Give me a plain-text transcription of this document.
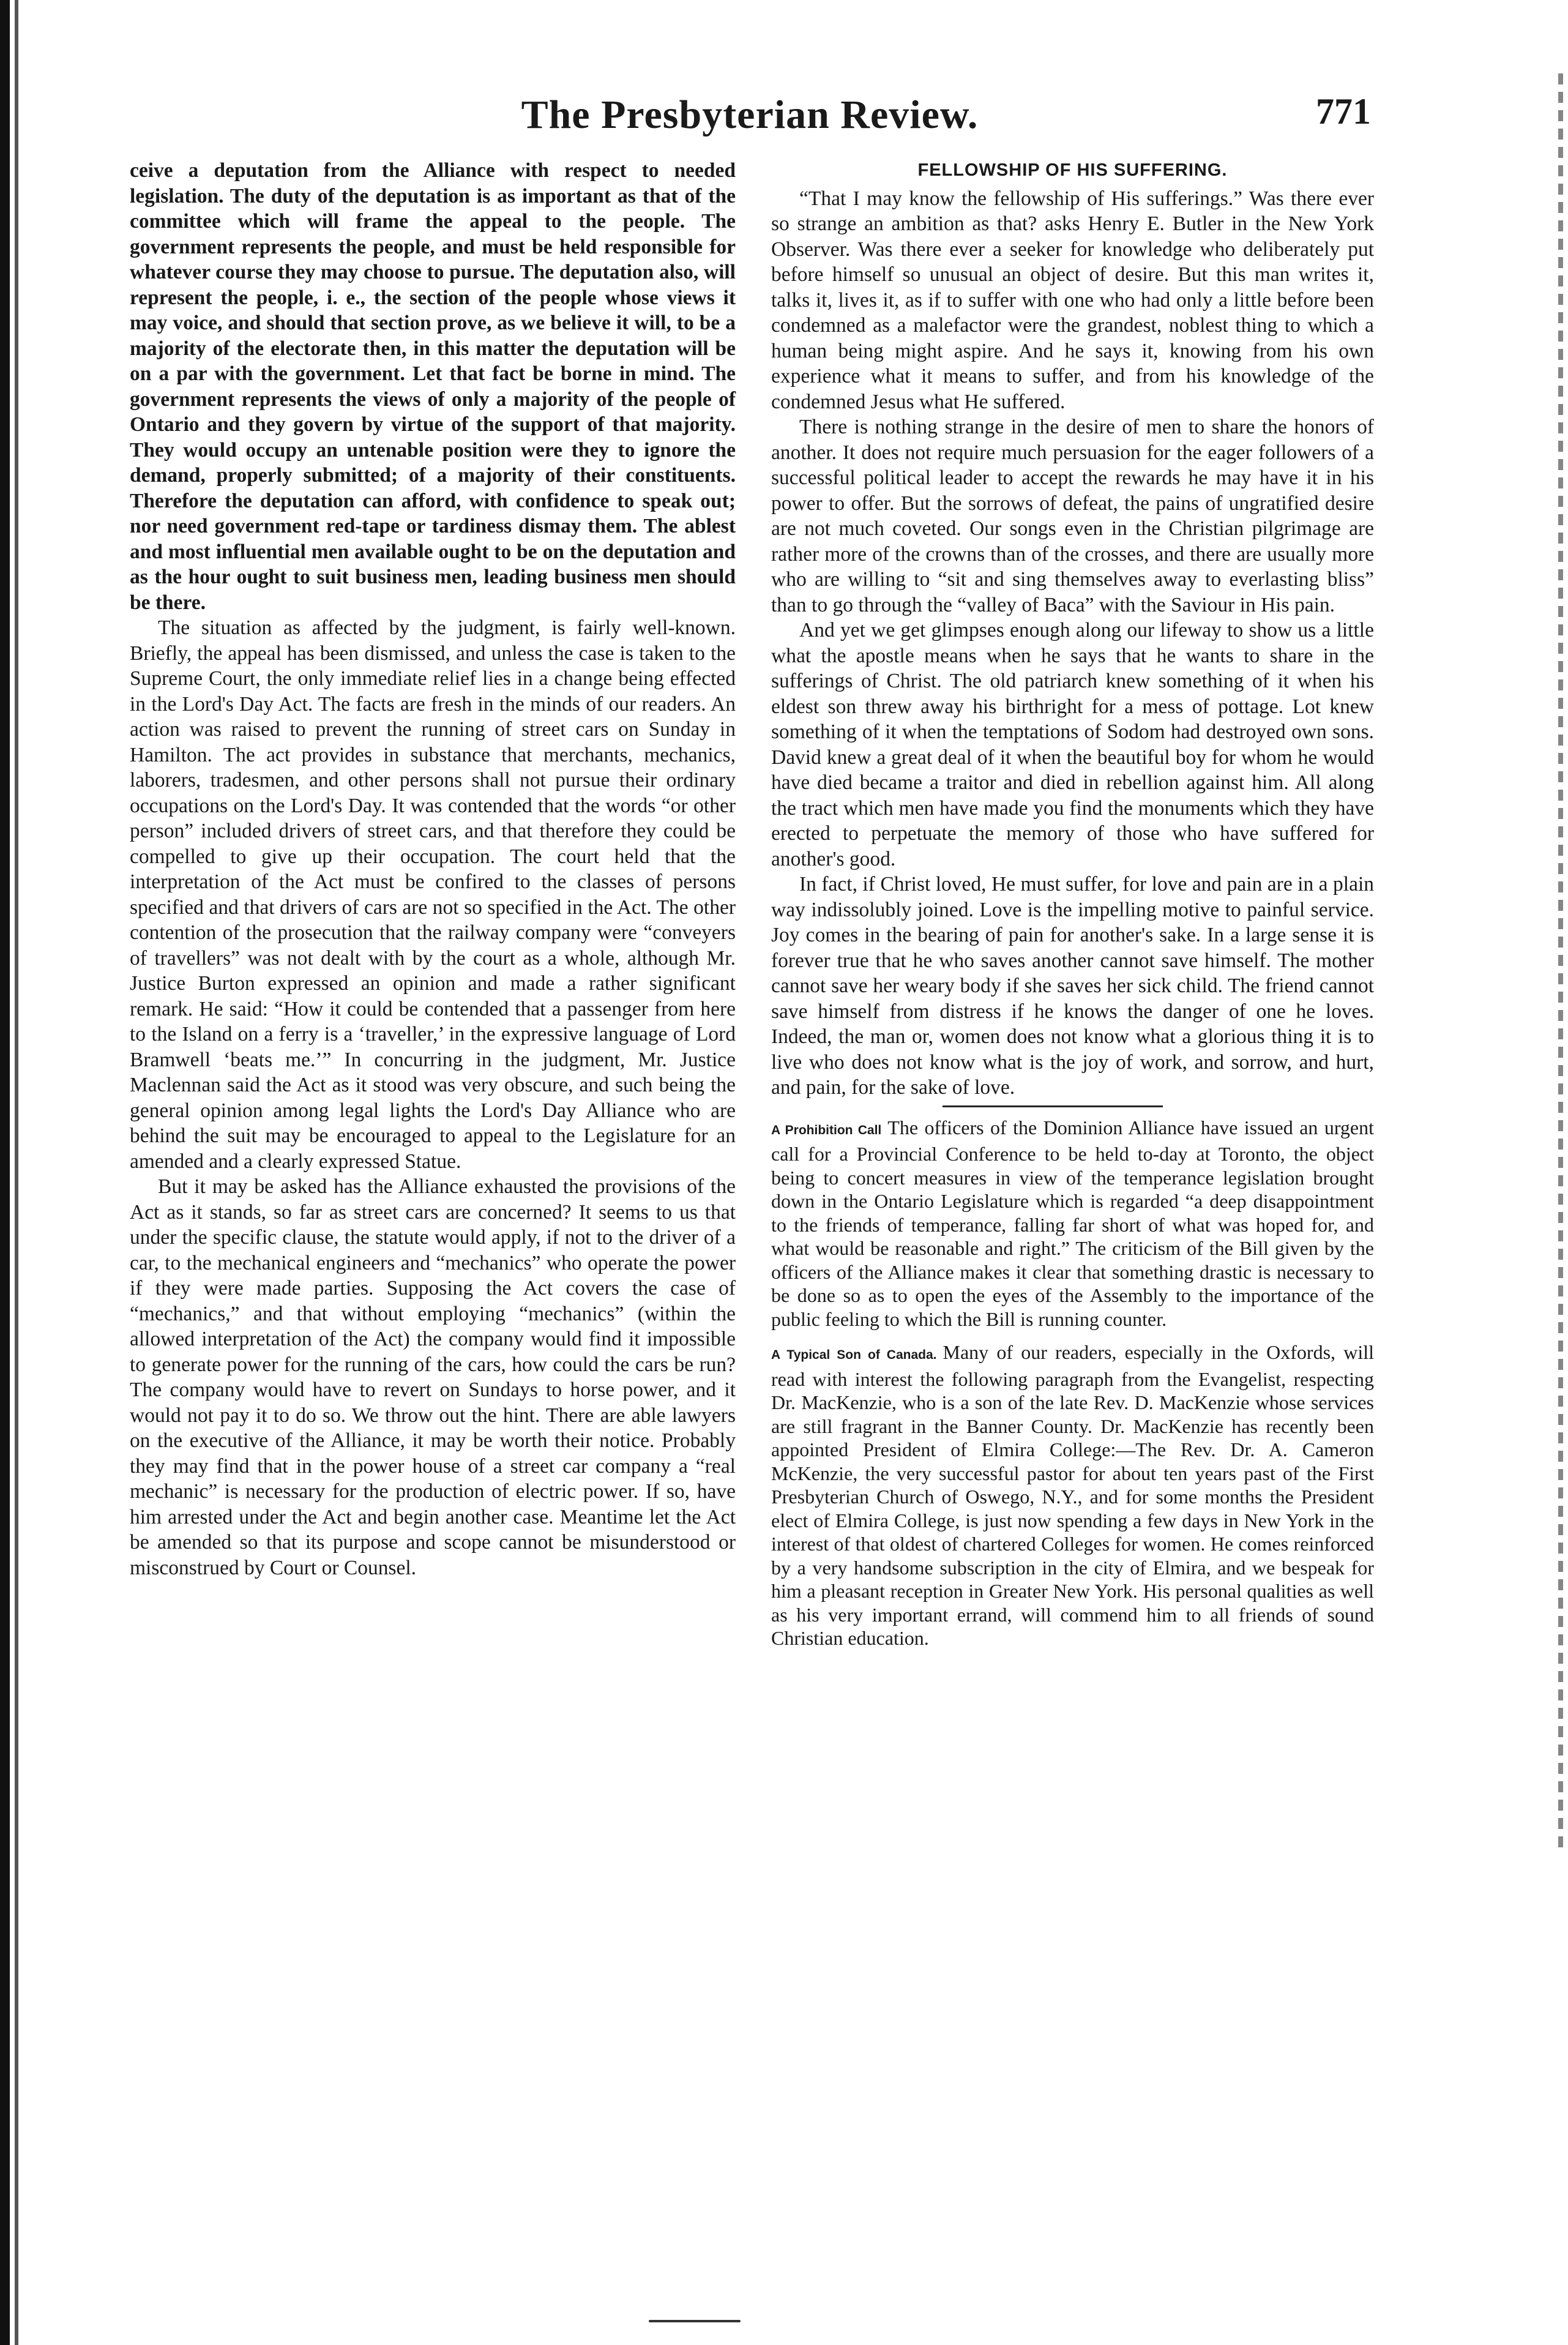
The Presbyterian Review.	771

ceive a deputation from the Alliance with respect to needed legislation. The duty of the deputation is as important as that of the committee which will frame the appeal to the people. The government represents the people, and must be held responsible for whatever course they may choose to pursue. The deputation also, will represent the people, i. e., the section of the people whose views it may voice, and should that section prove, as we believe it will, to be a majority of the electorate then, in this matter the deputation will be on a par with the government. Let that fact be borne in mind. The government represents the views of only a majority of the people of Ontario and they govern by virtue of the support of that majority. They would occupy an untenable position were they to ignore the demand, properly submitted; of a majority of their constituents. Therefore the deputation can afford, with confidence to speak out; nor need government red-tape or tardiness dismay them. The ablest and most influential men available ought to be on the deputation and as the hour ought to suit business men, leading business men should be there.

The situation as affected by the judgment, is fairly well-known. Briefly, the appeal has been dismissed, and unless the case is taken to the Supreme Court, the only immediate relief lies in a change being effected in the Lord's Day Act. The facts are fresh in the minds of our readers. An action was raised to prevent the running of street cars on Sunday in Hamilton. The act provides in substance that merchants, mechanics, laborers, tradesmen, and other persons shall not pursue their ordinary occupations on the Lord's Day. It was contended that the words “or other person” included drivers of street cars, and that therefore they could be compelled to give up their occupation. The court held that the interpretation of the Act must be confired to the classes of persons specified and that drivers of cars are not so specified in the Act. The other contention of the prosecution that the railway company were “conveyers of travellers” was not dealt with by the court as a whole, although Mr. Justice Burton expressed an opinion and made a rather significant remark. He said: “How it could be contended that a passenger from here to the Island on a ferry is a ‘traveller,’ in the expressive language of Lord Bramwell ‘beats me.’” In concurring in the judgment, Mr. Justice Maclennan said the Act as it stood was very obscure, and such being the general opinion among legal lights the Lord's Day Alliance who are behind the suit may be encouraged to appeal to the Legislature for an amended and a clearly expressed Statue.

But it may be asked has the Alliance exhausted the provisions of the Act as it stands, so far as street cars are concerned? It seems to us that under the specific clause, the statute would apply, if not to the driver of a car, to the mechanical engineers and “mechanics” who operate the power if they were made parties. Supposing the Act covers the case of “mechanics,” and that without employing “mechanics” (within the allowed interpretation of the Act) the company would find it impossible to generate power for the running of the cars, how could the cars be run? The company would have to revert on Sundays to horse power, and it would not pay it to do so. We throw out the hint. There are able lawyers on the executive of the Alliance, it may be worth their notice. Probably they may find that in the power house of a street car company a “real mechanic” is necessary for the production of electric power. If so, have him arrested under the Act and begin another case. Meantime let the Act be amended so that its purpose and scope cannot be misunderstood or misconstrued by Court or Counsel.

FELLOWSHIP OF HIS SUFFERING.

“That I may know the fellowship of His sufferings.” Was there ever so strange an ambition as that? asks Henry E. Butler in the New York Observer. Was there ever a seeker for knowledge who deliberately put before himself so unusual an object of desire. But this man writes it, talks it, lives it, as if to suffer with one who had only a little before been condemned as a malefactor were the grandest, noblest thing to which a human being might aspire. And he says it, knowing from his own experience what it means to suffer, and from his knowledge of the condemned Jesus what He suffered.

There is nothing strange in the desire of men to share the honors of another. It does not require much persuasion for the eager followers of a successful political leader to accept the rewards he may have it in his power to offer. But the sorrows of defeat, the pains of ungratified desire are not much coveted. Our songs even in the Christian pilgrimage are rather more of the crowns than of the crosses, and there are usually more who are willing to “sit and sing themselves away to everlasting bliss” than to go through the “valley of Baca” with the Saviour in His pain.

And yet we get glimpses enough along our lifeway to show us a little what the apostle means when he says that he wants to share in the sufferings of Christ. The old patriarch knew something of it when his eldest son threw away his birthright for a mess of pottage. Lot knew something of it when the temptations of Sodom had destroyed own sons. David knew a great deal of it when the beautiful boy for whom he would have died became a traitor and died in rebellion against him. All along the tract which men have made you find the monuments which they have erected to perpetuate the memory of those who have suffered for another's good.

In fact, if Christ loved, He must suffer, for love and pain are in a plain way indissolubly joined. Love is the impelling motive to painful service. Joy comes in the bearing of pain for another's sake. In a large sense it is forever true that he who saves another cannot save himself. The mother cannot save her weary body if she saves her sick child. The friend cannot save himself from distress if he knows the danger of one he loves. Indeed, the man or, women does not know what a glorious thing it is to live who does not know what is the joy of work, and sorrow, and hurt, and pain, for the sake of love.

A Prohibition Call The officers of the Dominion Alliance have issued an urgent call for a Provincial Conference to be held to-day at Toronto, the object being to concert measures in view of the temperance legislation brought down in the Ontario Legislature which is regarded “a deep disappointment to the friends of temperance, falling far short of what was hoped for, and what would be reasonable and right.” The criticism of the Bill given by the officers of the Alliance makes it clear that something drastic is necessary to be done so as to open the eyes of the Assembly to the importance of the public feeling to which the Bill is running counter.

A Typical Son of Canada. Many of our readers, especially in the Oxfords, will read with interest the following paragraph from the Evangelist, respecting Dr. MacKenzie, who is a son of the late Rev. D. MacKenzie whose services are still fragrant in the Banner County. Dr. MacKenzie has recently been appointed President of Elmira College:—The Rev. Dr. A. Cameron McKenzie, the very successful pastor for about ten years past of the First Presbyterian Church of Oswego, N.Y., and for some months the President elect of Elmira College, is just now spending a few days in New York in the interest of that oldest of chartered Colleges for women. He comes reinforced by a very handsome subscription in the city of Elmira, and we bespeak for him a pleasant reception in Greater New York. His personal qualities as well as his very important errand, will commend him to all friends of sound Christian education.
